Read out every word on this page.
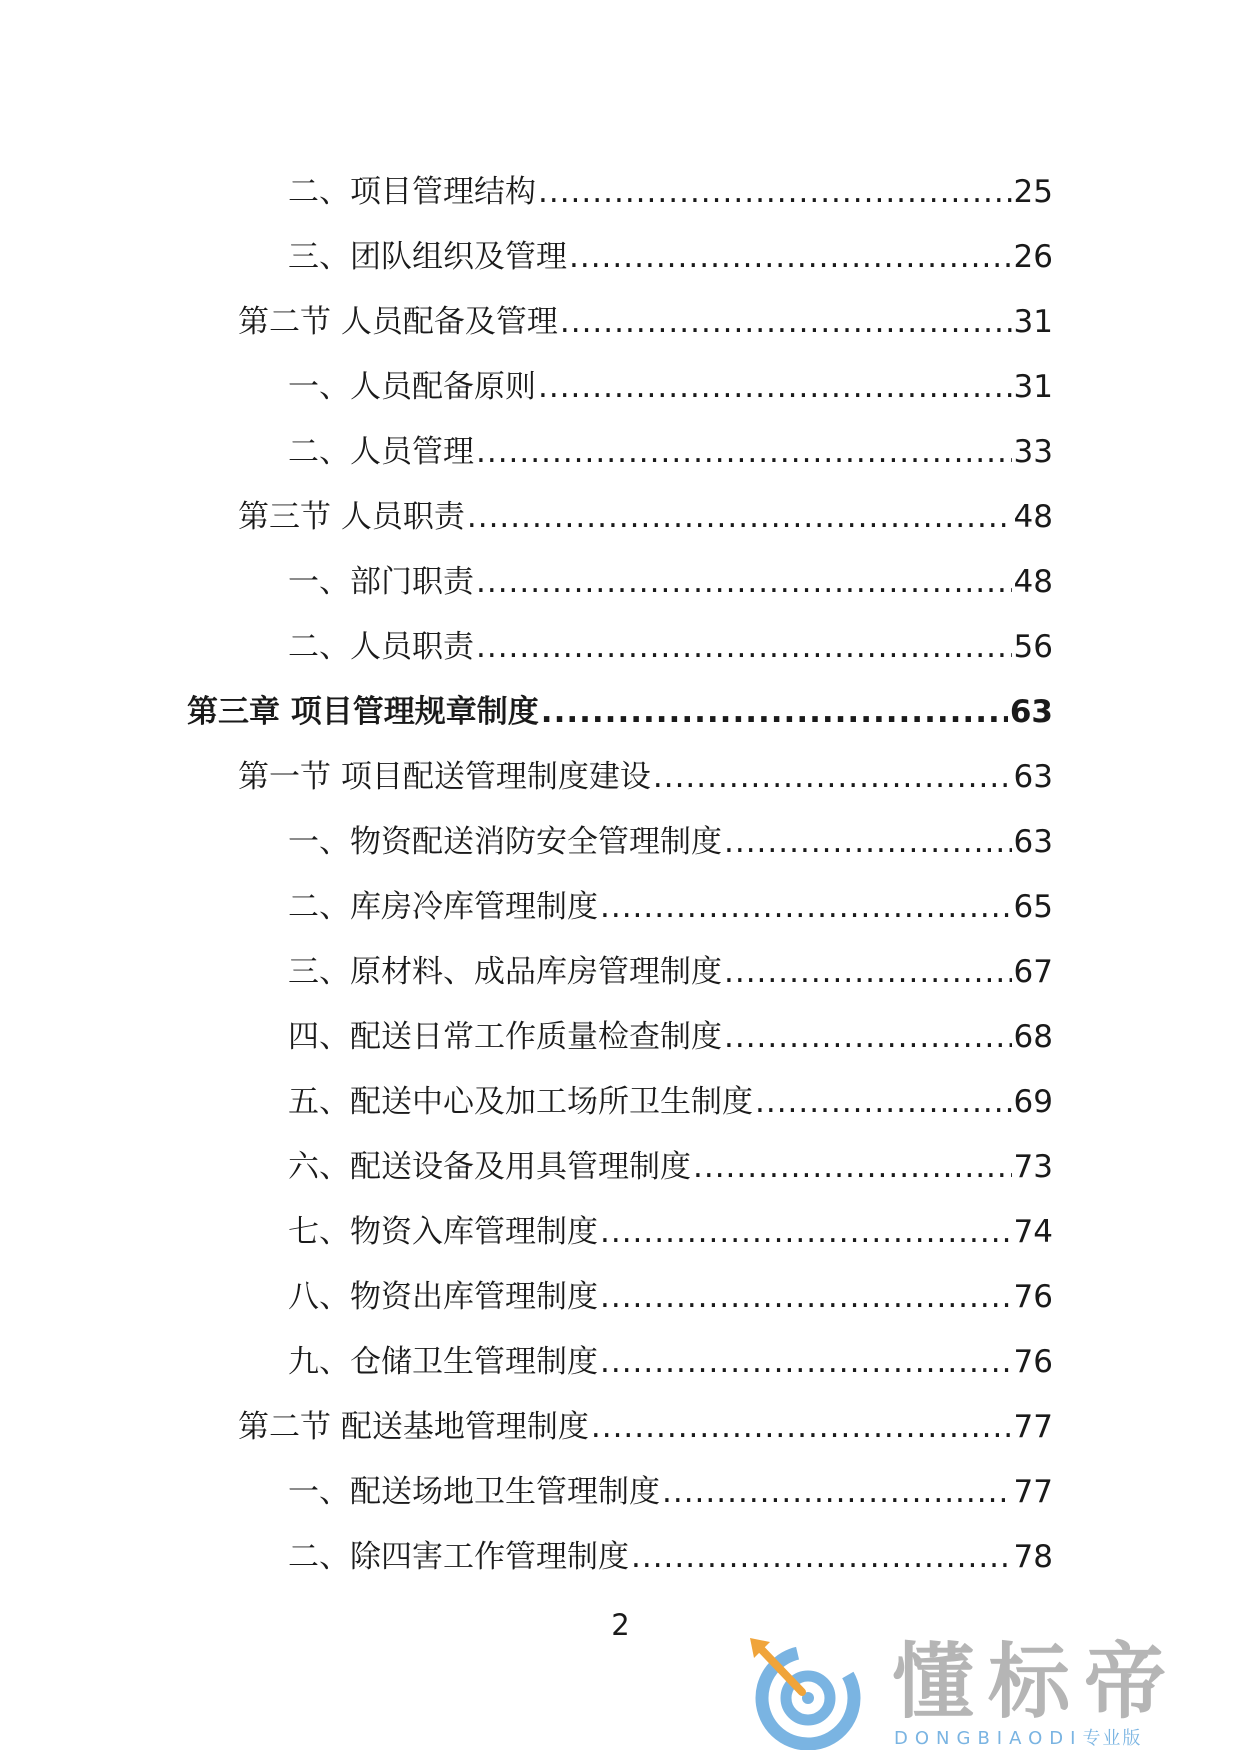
二、项目管理结构 .....	25
三、团队组织及管理 .....	26
第二节 人员配备及管理 .....	31
一、人员配备原则 .....	31
二、人员管理 .....	33
第三节 人员职责 .....	48
一、部门职责 .....	48
二、人员职责 .....	56
第三章 项目管理规章制度 .....	63
第一节 项目配送管理制度建设 .....	63
一、物资配送消防安全管理制度 .....	63
二、库房冷库管理制度 .....	65
三、原材料、成品库房管理制度 .....	67
四、配送日常工作质量检查制度 .....	68
五、配送中心及加工场所卫生制度 .....	69
六、配送设备及用具管理制度 .....	73
七、物资入库管理制度 .....	74
八、物资出库管理制度 .....	76
九、仓储卫生管理制度 .....	76
第二节 配送基地管理制度 .....	77
一、配送场地卫生管理制度 .....	77
二、除四害工作管理制度 .....	78
2
懂标帝
DONGBIAODI专业版
